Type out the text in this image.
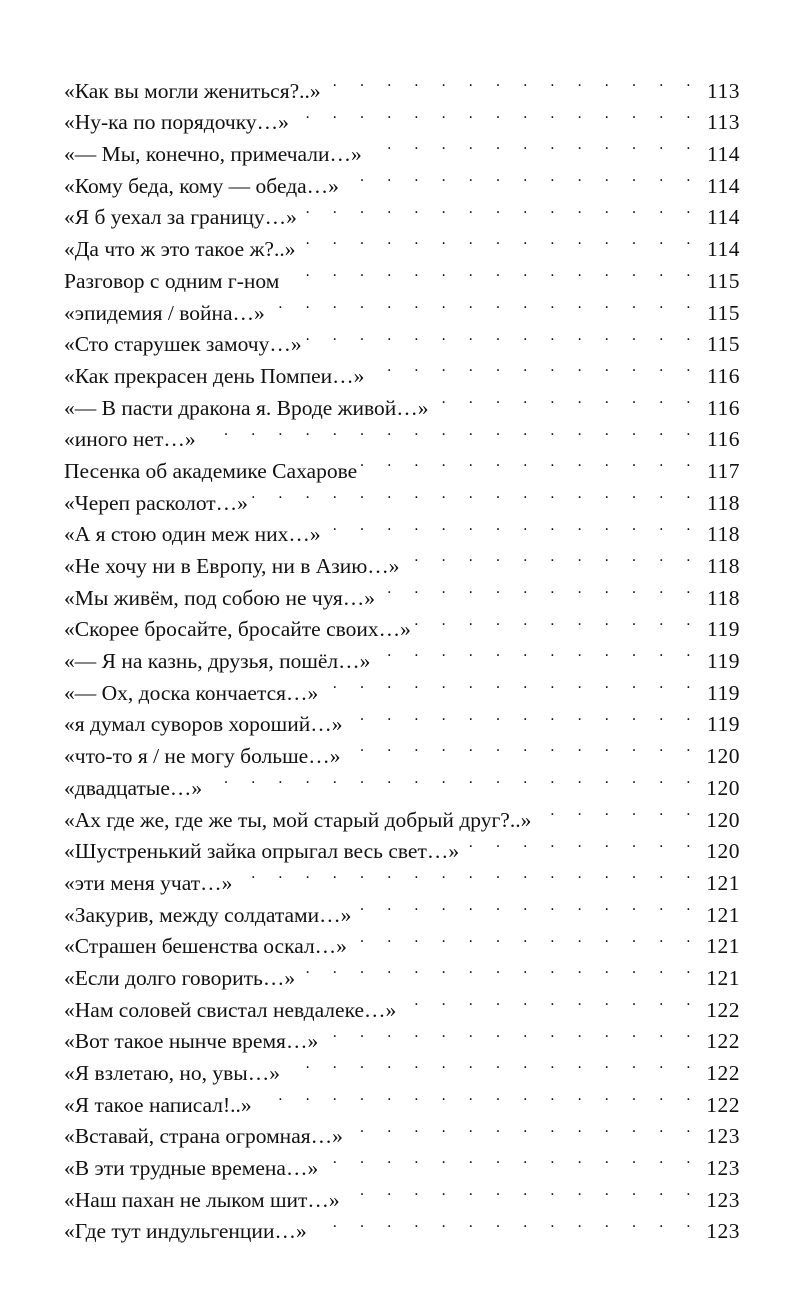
«Как вы могли жениться?..» . . .	113
«Ну-ка по порядочку…» . . .	113
«— Мы, конечно, примечали…» . . .	114
«Кому беда, кому — обеда…» . . .	114
«Я б уехал за границу…» . . .	114
«Да что ж это такое ж?..» . . .	114
Разговор с одним г-ном . . .	115
«эпидемия / война…» . . .	115
«Сто старушек замочу…» . . .	115
«Как прекрасен день Помпеи…» . . .	116
«— В пасти дракона я. Вроде живой…» . . .	116
«иного нет…» . . .	116
Песенка об академике Сахарове . . .	117
«Череп расколот…» . . .	118
«А я стою один меж них…» . . .	118
«Не хочу ни в Европу, ни в Азию…» . . .	118
«Мы живём, под собою не чуя…» . . .	118
«Скорее бросайте, бросайте своих…» . . .	119
«— Я на казнь, друзья, пошёл…» . . .	119
«— Ох, доска кончается…» . . .	119
«я думал суворов хороший…» . . .	119
«что-то я / не могу больше…» . . .	120
«двадцатые…» . . .	120
«Ах где же, где же ты, мой старый добрый друг?..» . . .	120
«Шустренький зайка опрыгал весь свет…» . . .	120
«эти меня учат…» . . .	121
«Закурив, между солдатами…» . . .	121
«Страшен бешенства оскал…» . . .	121
«Если долго говорить…» . . .	121
«Нам соловей свистал невдалеке…» . . .	122
«Вот такое нынче время…» . . .	122
«Я взлетаю, но, увы…» . . .	122
«Я такое написал!..» . . .	122
«Вставай, страна огромная…» . . .	123
«В эти трудные времена…» . . .	123
«Наш пахан не лыком шит…» . . .	123
«Где тут индульгенции…» . . .	123
